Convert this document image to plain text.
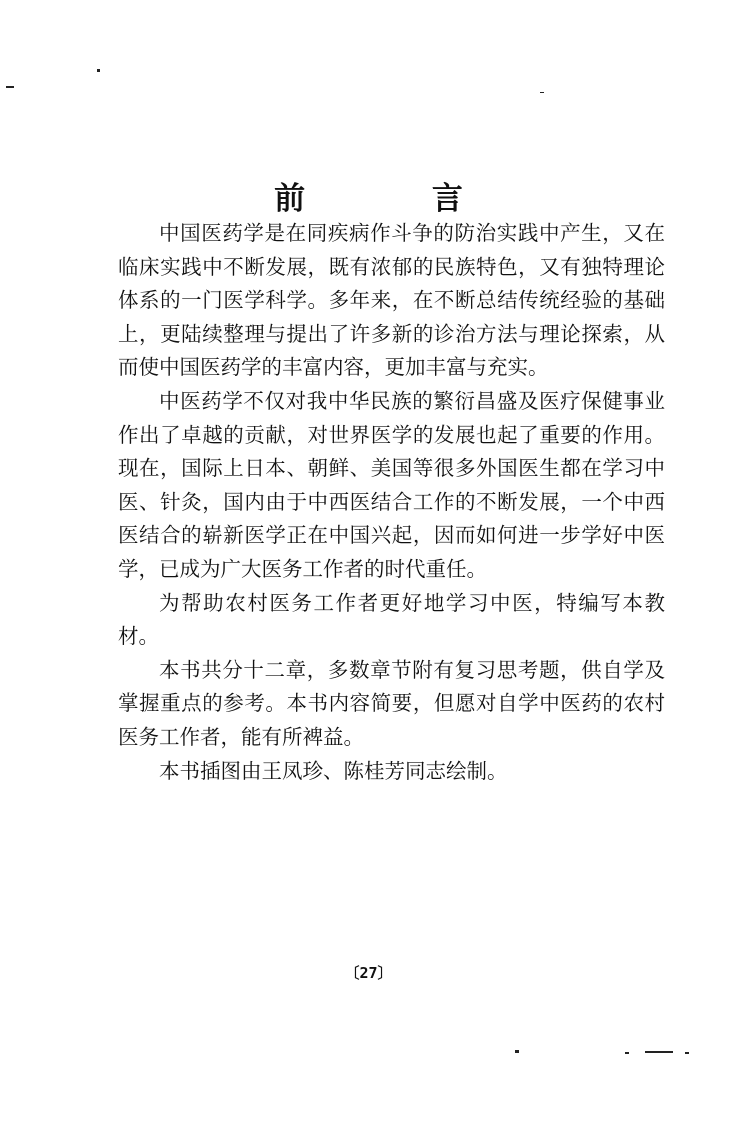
前 言

中国医药学是在同疾病作斗争的防治实践中产生，又在临床实践中不断发展，既有浓郁的民族特色，又有独特理论体系的一门医学科学。多年来，在不断总结传统经验的基础上，更陆续整理与提出了许多新的诊治方法与理论探索，从而使中国医药学的丰富内容，更加丰富与充实。

中医药学不仅对我中华民族的繁衍昌盛及医疗保健事业作出了卓越的贡献，对世界医学的发展也起了重要的作用。现在，国际上日本、朝鲜、美国等很多外国医生都在学习中医、针灸，国内由于中西医结合工作的不断发展，一个中西医结合的崭新医学正在中国兴起，因而如何进一步学好中医学，已成为广大医务工作者的时代重任。

为帮助农村医务工作者更好地学习中医，特编写本教材。

本书共分十二章，多数章节附有复习思考题，供自学及掌握重点的参考。本书内容简要，但愿对自学中医药的农村医务工作者，能有所裨益。

本书插图由王凤珍、陈桂芳同志绘制。

〔27〕
